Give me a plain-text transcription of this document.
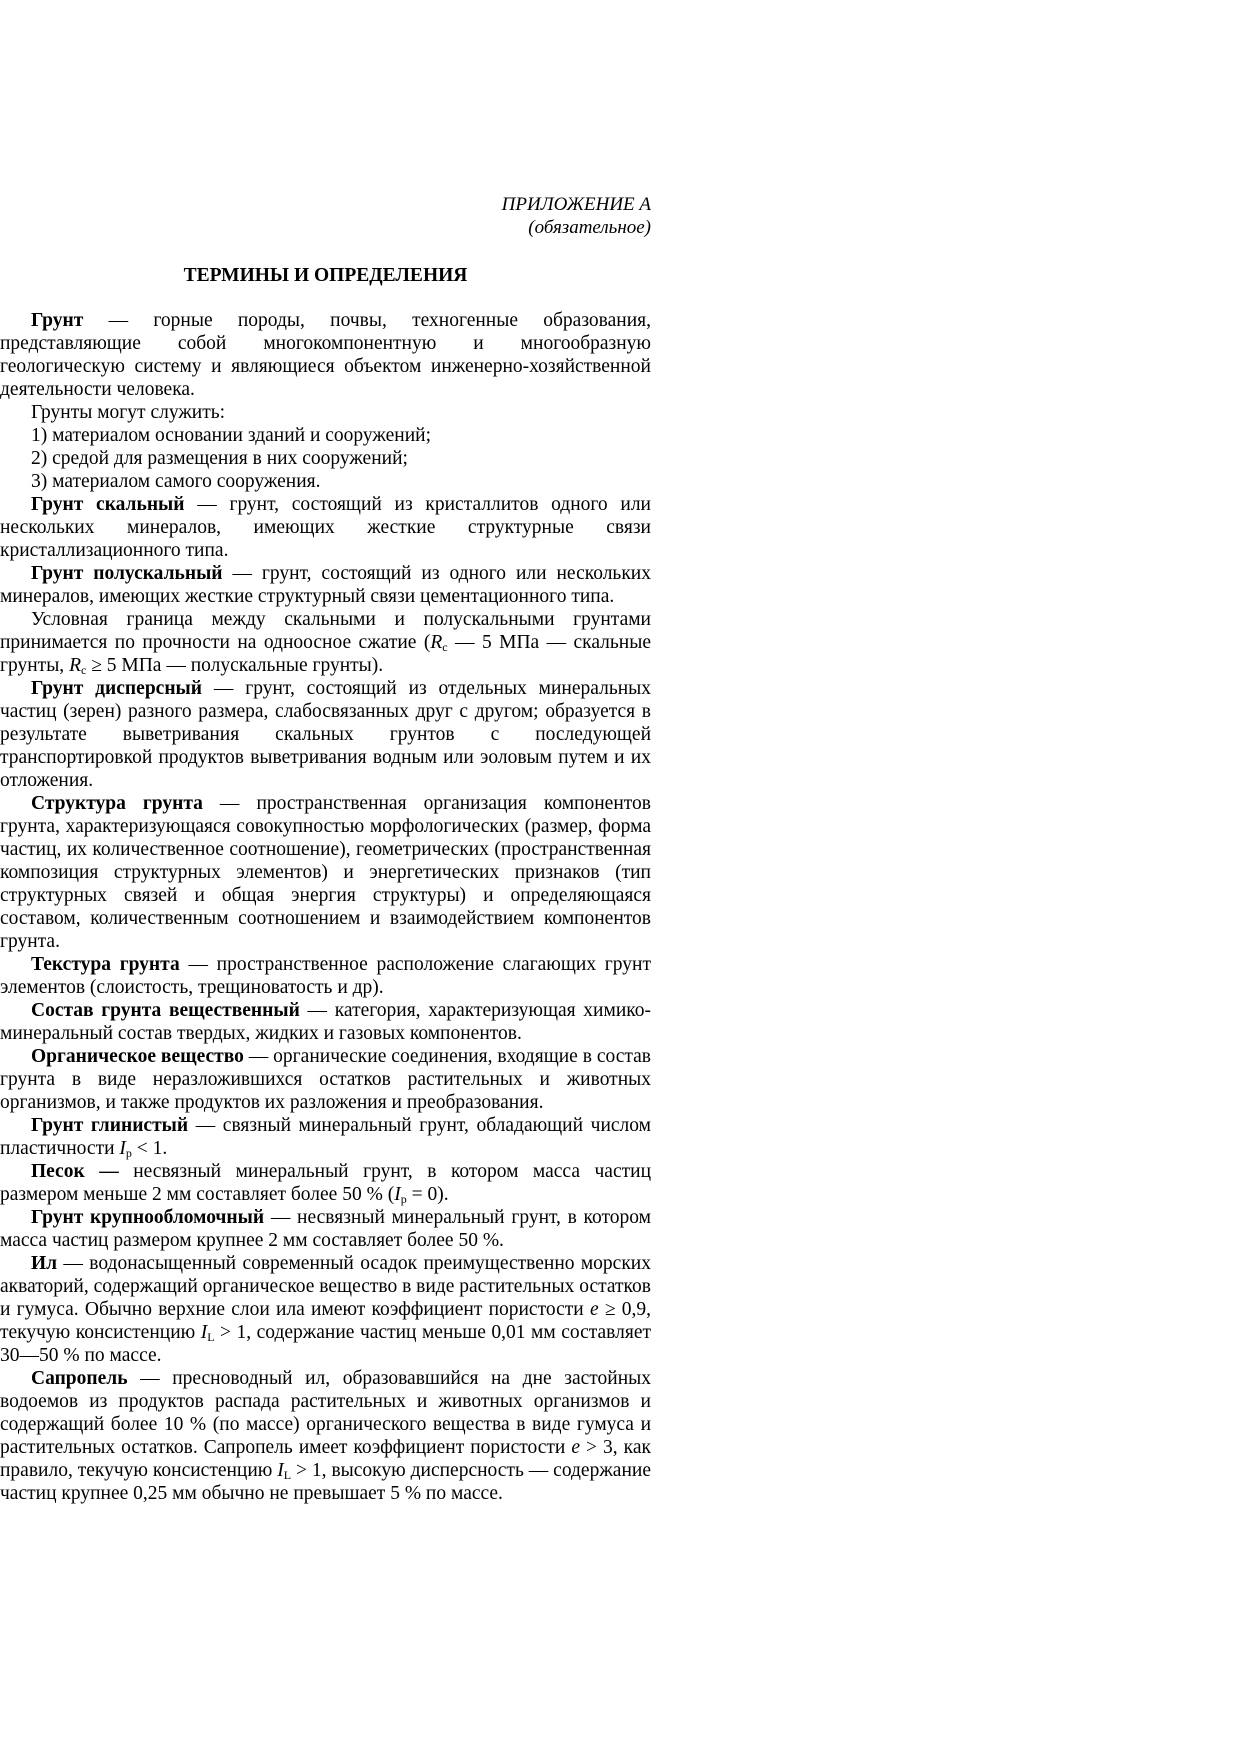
ПРИЛОЖЕНИЕ А
(обязательное)
ТЕРМИНЫ И ОПРЕДЕЛЕНИЯ

Грунт — горные породы, почвы, техногенные образования, представляющие собой многокомпонентную и многообразную геологическую систему и являющиеся объектом инженерно-хозяйственной деятельности человека.

Грунты могут служить:

1) материалом основании зданий и сооружений;

2) средой для размещения в них сооружений;

3) материалом самого сооружения.

Грунт скальный — грунт, состоящий из кристаллитов одного или нескольких минералов, имеющих жесткие структурные связи кристаллизационного типа.

Грунт полускальный — грунт, состоящий из одного или нескольких минералов, имеющих жесткие структурный связи цементационного типа.

Условная граница между скальными и полускальными грунтами принимается по прочности на одноосное сжатие ($R_c$ — 5 МПа — скальные грунты, $R_c \ge 5$ МПа — полускальные грунты).

Грунт дисперсный — грунт, состоящий из отдельных минеральных частиц (зерен) разного размера, слабосвязанных друг с другом; образуется в результате выветривания скальных грунтов с последующей транспортировкой продуктов выветривания водным или эоловым путем и их отложения.

Структура грунта — пространственная организация компонентов грунта, характеризующаяся совокупностью морфологических (размер, форма частиц, их количественное соотношение), геометрических (пространственная композиция структурных элементов) и энергетических признаков (тип структурных связей и общая энергия структуры) и определяющаяся составом, количественным соотношением и взаимодействием компонентов грунта.

Текстура грунта — пространственное расположение слагающих грунт элементов (слоистость, трещиноватость и др).

Состав грунта вещественный — категория, характеризующая химико-минеральный состав твердых, жидких и газовых компонентов.

Органическое вещество — органические соединения, входящие в состав грунта в виде неразложившихся остатков растительных и животных организмов, и также продуктов их разложения и преобразования.

Грунт глинистый — связный минеральный грунт, обладающий числом пластичности $I_p < 1$.

Песок — несвязный минеральный грунт, в котором масса частиц размером меньше 2 мм составляет более 50 % $(I_p = 0)$.

Грунт крупнообломочный — несвязный минеральный грунт, в котором масса частиц размером крупнее 2 мм составляет более 50 %.

Ил — водонасыщенный современный осадок преимущественно морских акваторий, содержащий органическое вещество в виде растительных остатков и гумуса. Обычно верхние слои ила имеют коэффициент пористости e ≥ 0,9, текучую консистенцию $I_L > 1$, содержание частиц меньше 0,01 мм составляет 30—50 % по массе.

Сапропель — пресноводный ил, образовавшийся на дне застойных водоемов из продуктов распада растительных и животных организмов и содержащий более 10 % (по массе) органического вещества в виде гумуса и растительных остатков. Сапропель имеет коэффициент пористости e > 3, как правило, текучую консистенцию $I_L > 1$, высокую дисперсность — содержание частиц крупнее 0,25 мм обычно не превышает 5 % по массе.
